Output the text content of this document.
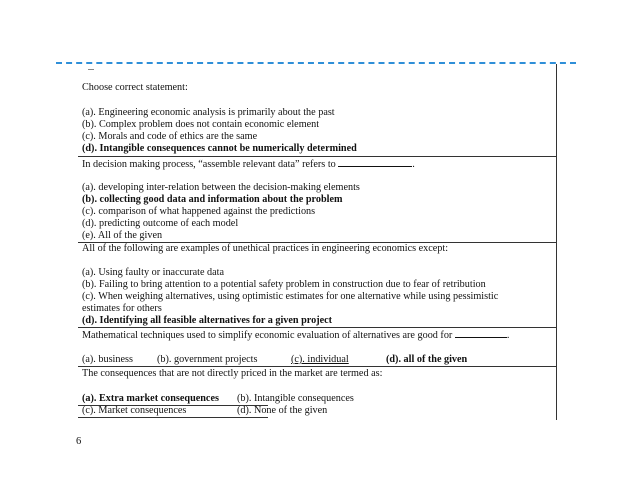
Choose correct statement:
(a). Engineering economic analysis is primarily about the past
(b). Complex problem does not contain economic element
(c). Morals and code of ethics are the same
(d). Intangible consequences cannot be numerically determined
In decision making process, “assemble relevant data” refers to	.
(a). developing inter-relation between the decision-making elements
(b). collecting good data and information about the problem
(c). comparison of what happened against the predictions
(d). predicting outcome of each model
(e). All of the given
All of the following are examples of unethical practices in engineering economics except:
(a). Using faulty or inaccurate data
(b). Failing to bring attention to a potential safety problem in construction due to fear of retribution
(c). When weighing alternatives, using optimistic estimates for one alternative while using pessimistic
estimates for others
(d). Identifying all feasible alternatives for a given project
Mathematical techniques used to simplify economic evaluation of alternatives are good for	.
(a). business (b). government projects	(c). individual	(d). all of the given
The consequences that are not directly priced in the market are termed as:
(a). Extra market consequences (b). Intangible consequences
(c). Market consequences	(d). None of the given
6
